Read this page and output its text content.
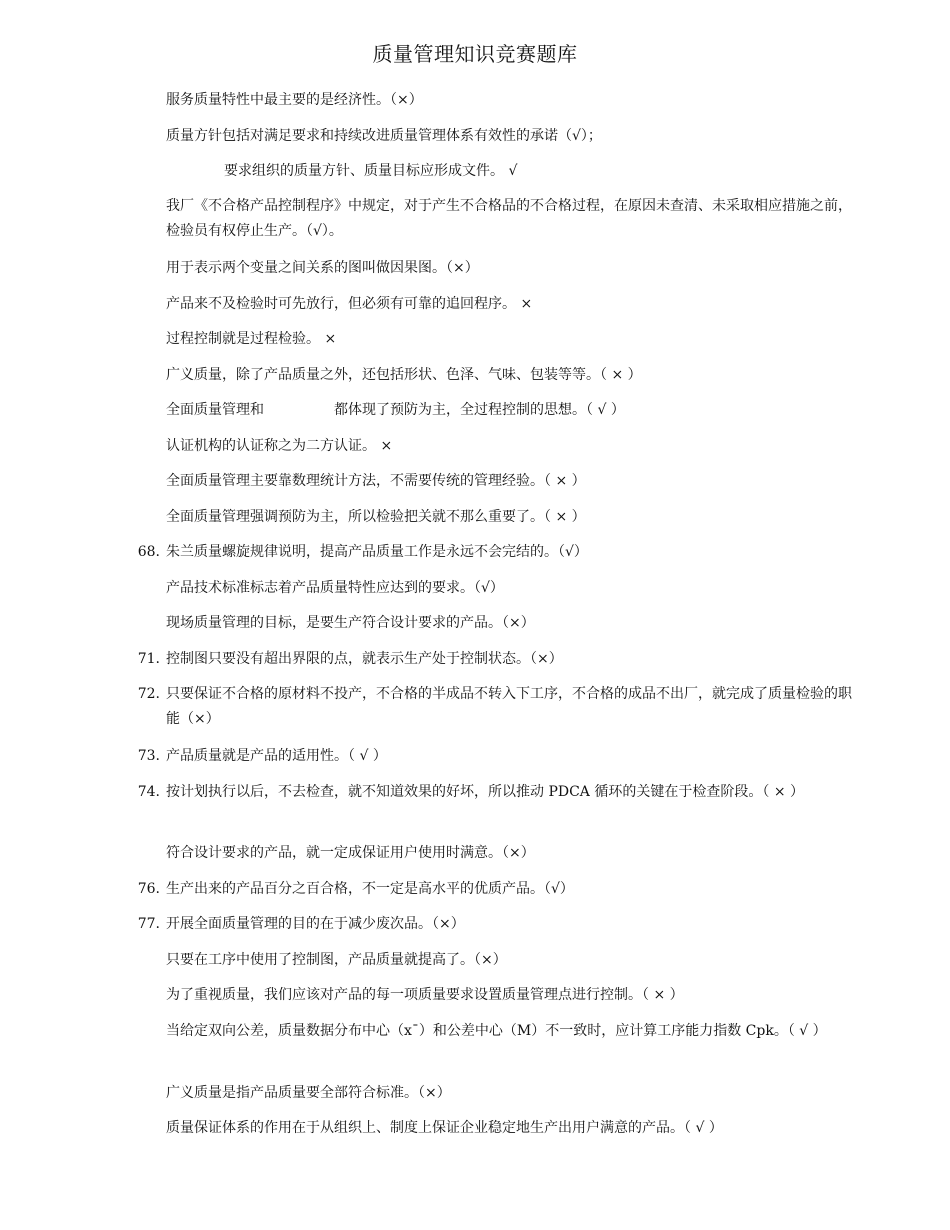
质量管理知识竞赛题库
服务质量特性中最主要的是经济性。（×）
质量方针包括对满足要求和持续改进质量管理体系有效性的承诺（√）；
要求组织的质量方针、质量目标应形成文件。 √
我厂《不合格产品控制程序》中规定，对于产生不合格品的不合格过程，在原因未查清、未采取相应措施之前，检验员有权停止生产。（√）。
用于表示两个变量之间关系的图叫做因果图。（×）
产品来不及检验时可先放行，但必须有可靠的追回程序。 ×
过程控制就是过程检验。 ×
广义质量，除了产品质量之外，还包括形状、色泽、气味、包装等等。（ × ）
全面质量管理和	都体现了预防为主，全过程控制的思想。（ √ ）
认证机构的认证称之为二方认证。 ×
全面质量管理主要靠数理统计方法，不需要传统的管理经验。（ × ）
全面质量管理强调预防为主，所以检验把关就不那么重要了。（ × ）
68. 朱兰质量螺旋规律说明，提高产品质量工作是永远不会完结的。（√）
产品技术标准标志着产品质量特性应达到的要求。（√）
现场质量管理的目标，是要生产符合设计要求的产品。（×）
71. 控制图只要没有超出界限的点，就表示生产处于控制状态。（×）
72. 只要保证不合格的原材料不投产，不合格的半成品不转入下工序，不合格的成品不出厂，就完成了质量检验的职能（×）
73. 产品质量就是产品的适用性。（ √ ）
74. 按计划执行以后，不去检查，就不知道效果的好坏，所以推动 PDCA 循环的关键在于检查阶段。（ × ）
符合设计要求的产品，就一定成保证用户使用时满意。（×）
76. 生产出来的产品百分之百合格，不一定是高水平的优质产品。（√）
77. 开展全面质量管理的目的在于减少废次品。（×）
只要在工序中使用了控制图，产品质量就提高了。（×）
为了重视质量，我们应该对产品的每一项质量要求设置质量管理点进行控制。（ × ）
当给定双向公差，质量数据分布中心（x¯）和公差中心（M）不一致时，应计算工序能力指数 Cpk。（ √ ）
广义质量是指产品质量要全部符合标准。（×）
质量保证体系的作用在于从组织上、制度上保证企业稳定地生产出用户满意的产品。（ √ ）
